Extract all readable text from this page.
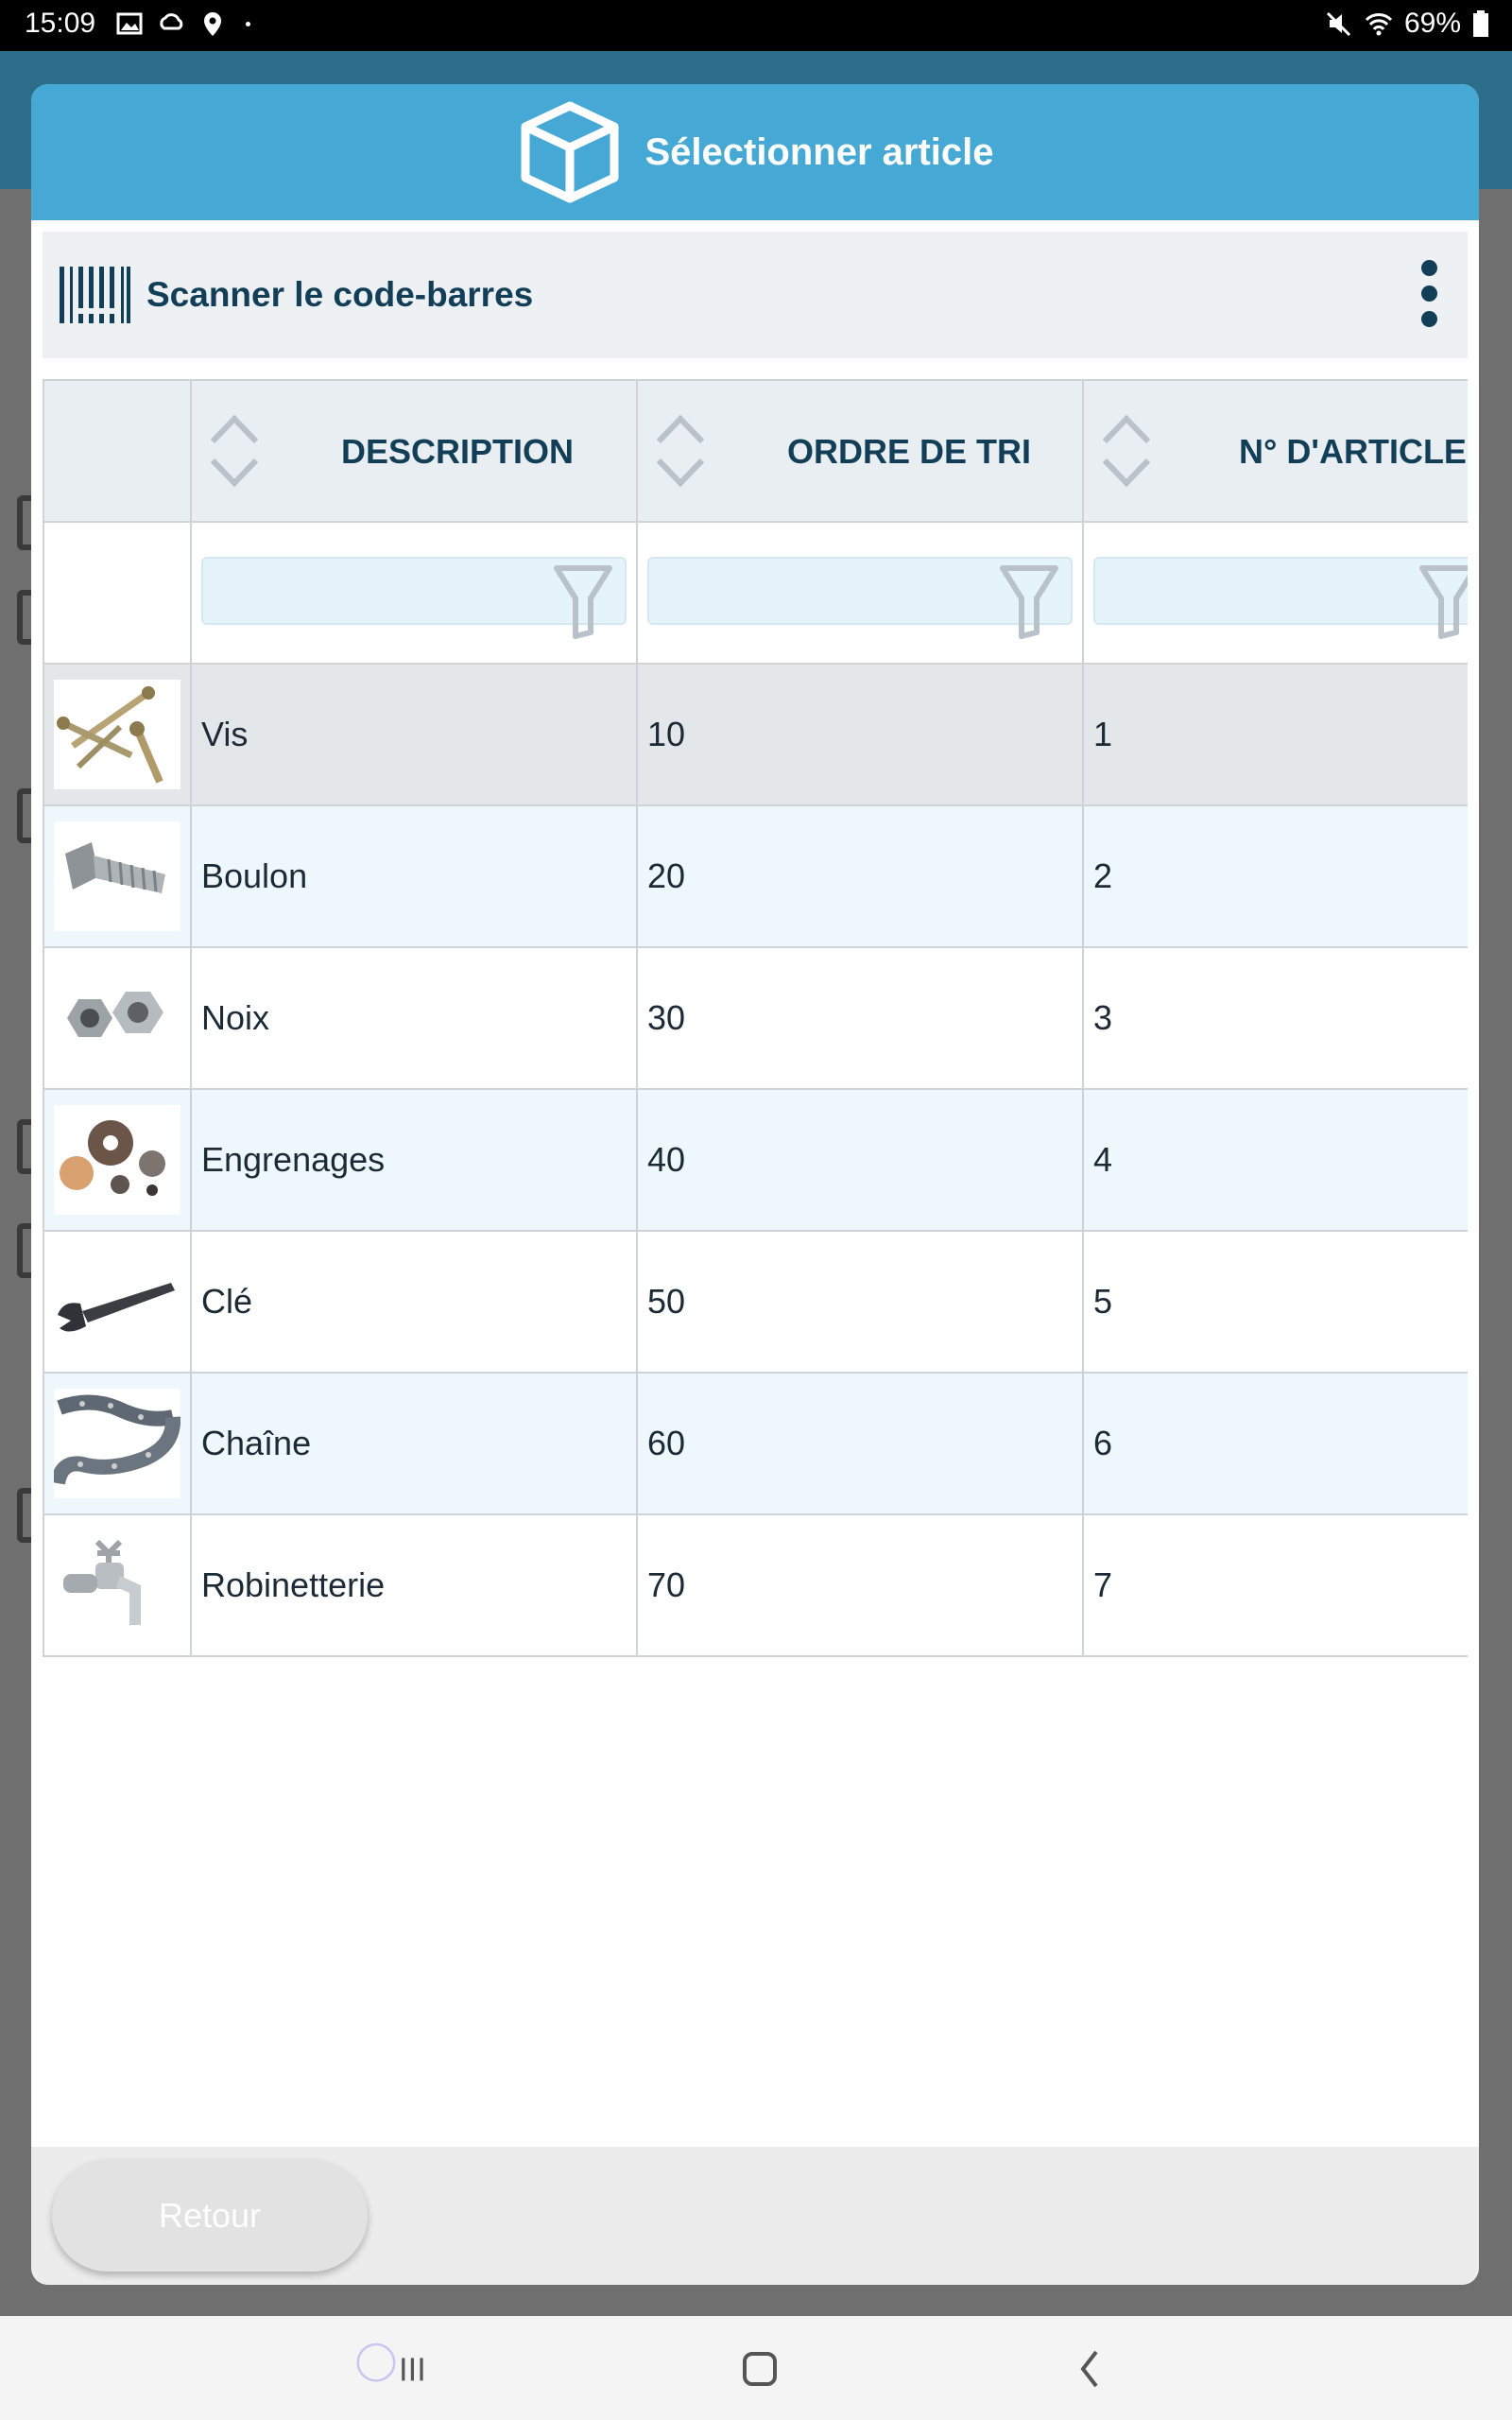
15:09	69%
Sélectionner article
Scanner le code-barres

	DESCRIPTION	ORDRE DE TRI	N° D'ARTICLE

	Vis	10	1

	Boulon	20	2

	Noix	30	3

	Engrenages	40	4

	Clé	50	5

	Chaîne	60	6

	Robinetterie	70	7
Retour
